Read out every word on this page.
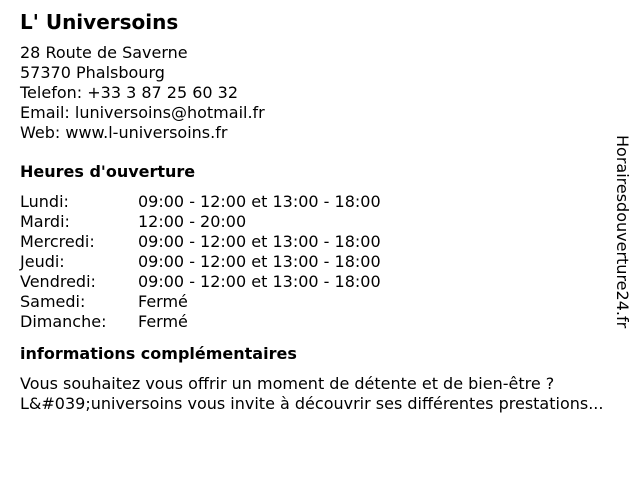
L' Universoins
28 Route de Saverne
57370 Phalsbourg
Telefon: +33 3 87 25 60 32
Email: luniversoins@hotmail.fr
Web: www.l-universoins.fr
Heures d'ouverture
Lundi:	09:00 - 12:00 et 13:00 - 18:00
Mardi:	12:00 - 20:00
Mercredi:	09:00 - 12:00 et 13:00 - 18:00
Jeudi:	09:00 - 12:00 et 13:00 - 18:00
Vendredi:	09:00 - 12:00 et 13:00 - 18:00
Samedi:	Fermé
Dimanche:	Fermé
informations complémentaires
Vous souhaitez vous offrir un moment de détente et de bien-être ? L&#039;universoins vous invite à découvrir ses différentes prestations...
Horairesdouverture24.fr
